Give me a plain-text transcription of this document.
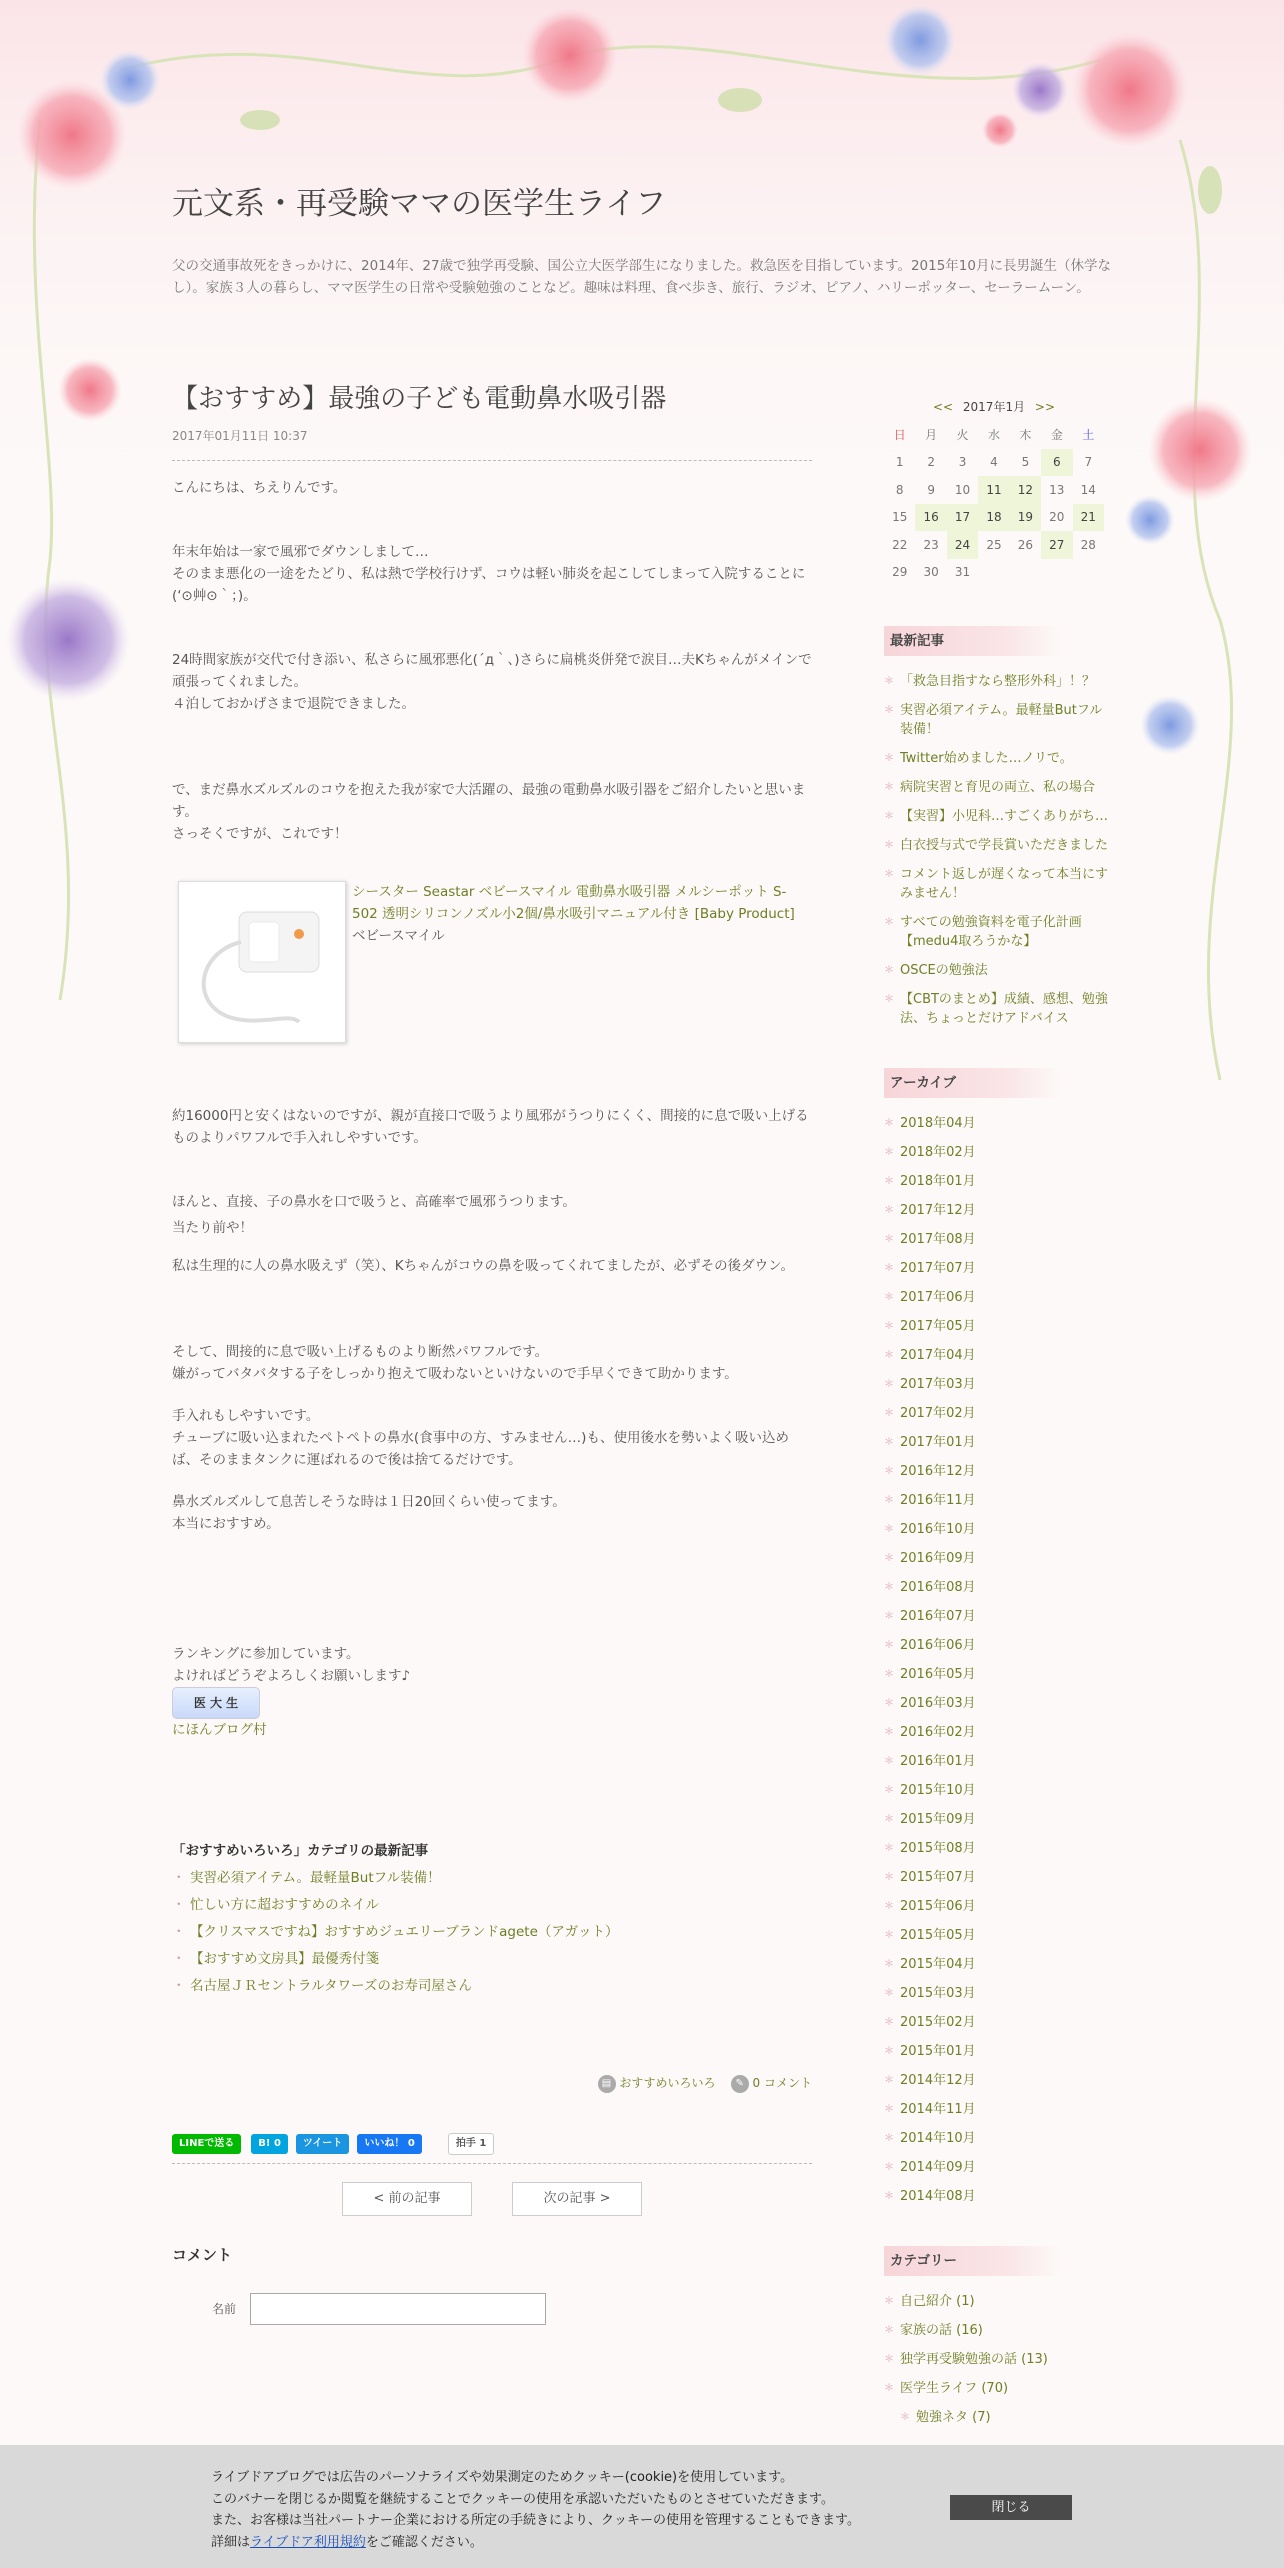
元文系・再受験ママの医学生ライフ

父の交通事故死をきっかけに、2014年、27歳で独学再受験、国公立大医学部生になりました。救急医を目指しています。2015年10月に長男誕生（休学なし）。家族３人の暮らし、ママ医学生の日常や受験勉強のことなど。趣味は料理、食べ歩き、旅行、ラジオ、ピアノ、ハリーポッター、セーラームーン。

【おすすめ】最強の子ども電動鼻水吸引器

2017年01月11日 10:37

こんにちは、ちえりんです。

年末年始は一家で風邪でダウンしまして…

そのまま悪化の一途をたどり、私は熱で学校行けず、コウは軽い肺炎を起こしてしまって入院することに(‘⊙艸⊙｀；)。

24時間家族が交代で付き添い、私さらに風邪悪化(´д｀、)さらに扁桃炎併発で涙目…夫Kちゃんがメインで頑張ってくれました。

４泊しておかげさまで退院できました。

で、まだ鼻水ズルズルのコウを抱えた我が家で大活躍の、最強の電動鼻水吸引器をご紹介したいと思います。

さっそくですが、これです！

シースター Seastar ベビースマイル 電動鼻水吸引器 メルシーポット S-502 透明シリコンノズル小2個/鼻水吸引マニュアル付き [Baby Product]
ベビースマイル

約16000円と安くはないのですが、親が直接口で吸うより風邪がうつりにくく、間接的に息で吸い上げるものよりパワフルで手入れしやすいです。

ほんと、直接、子の鼻水を口で吸うと、高確率で風邪うつります。

当たり前や！

私は生理的に人の鼻水吸えず（笑）、Kちゃんがコウの鼻を吸ってくれてましたが、必ずその後ダウン。

そして、間接的に息で吸い上げるものより断然パワフルです。

嫌がってバタバタする子をしっかり抱えて吸わないといけないので手早くできて助かります。

手入れもしやすいです。

チューブに吸い込まれたペトペトの鼻水(食事中の方、すみません…)も、使用後水を勢いよく吸い込めば、そのままタンクに運ばれるので後は捨てるだけです。

鼻水ズルズルして息苦しそうな時は１日20回くらい使ってます。

本当におすすめ。

ランキングに参加しています。

よければどうぞよろしくお願いします♪

医 大 生

にほんブログ村

「おすすめいろいろ」カテゴリの最新記事
・ 実習必須アイテム。最軽量Butフル装備！
・ 忙しい方に超おすすめのネイル
・ 【クリスマスですね】おすすめジュエリーブランドagete（アガット）
・ 【おすすめ文房具】最優秀付箋
・ 名古屋ＪＲセントラルタワーズのお寿司屋さん
▤ おすすめいろいろ ✎ 0 コメント
LINEで送る	B! 0	ツイート	いいね！ 0	拍手 1
< 前の記事	次の記事 >
コメント
名前
<< 2017年1月 >>
日	月	火	水	木	金	土
1	2	3	4	5	6	7
8	9	10	11	12	13	14
15	16	17	18	19	20	21
22	23	24	25	26	27	28
29	30	31				
最新記事
＊ 「救急目指すなら整形外科」！？
＊ 実習必須アイテム。最軽量Butフル装備！
＊ Twitter始めました…ノリで。
＊ 病院実習と育児の両立、私の場合
＊ 【実習】小児科…すごくありがち…
＊ 白衣授与式で学長賞いただきました
＊ コメント返しが遅くなって本当にすみません！
＊ すべての勉強資料を電子化計画【medu4取ろうかな】
＊ OSCEの勉強法
＊ 【CBTのまとめ】成績、感想、勉強法、ちょっとだけアドバイス
アーカイブ
＊ 2018年04月
＊ 2018年02月
＊ 2018年01月
＊ 2017年12月
＊ 2017年08月
＊ 2017年07月
＊ 2017年06月
＊ 2017年05月
＊ 2017年04月
＊ 2017年03月
＊ 2017年02月
＊ 2017年01月
＊ 2016年12月
＊ 2016年11月
＊ 2016年10月
＊ 2016年09月
＊ 2016年08月
＊ 2016年07月
＊ 2016年06月
＊ 2016年05月
＊ 2016年03月
＊ 2016年02月
＊ 2016年01月
＊ 2015年10月
＊ 2015年09月
＊ 2015年08月
＊ 2015年07月
＊ 2015年06月
＊ 2015年05月
＊ 2015年04月
＊ 2015年03月
＊ 2015年02月
＊ 2015年01月
＊ 2014年12月
＊ 2014年11月
＊ 2014年10月
＊ 2014年09月
＊ 2014年08月
カテゴリー
＊ 自己紹介 (1)
＊ 家族の話 (16)
＊ 独学再受験勉強の話 (13)
＊ 医学生ライフ (70)
＊ 勉強ネタ (7)

ライブドアブログでは広告のパーソナライズや効果測定のためクッキー(cookie)を使用しています。
このバナーを閉じるか閲覧を継続することでクッキーの使用を承認いただいたものとさせていただきます。
また、お客様は当社パートナー企業における所定の手続きにより、クッキーの使用を管理することもできます。
詳細はライブドア利用規約をご確認ください。

閉じる
